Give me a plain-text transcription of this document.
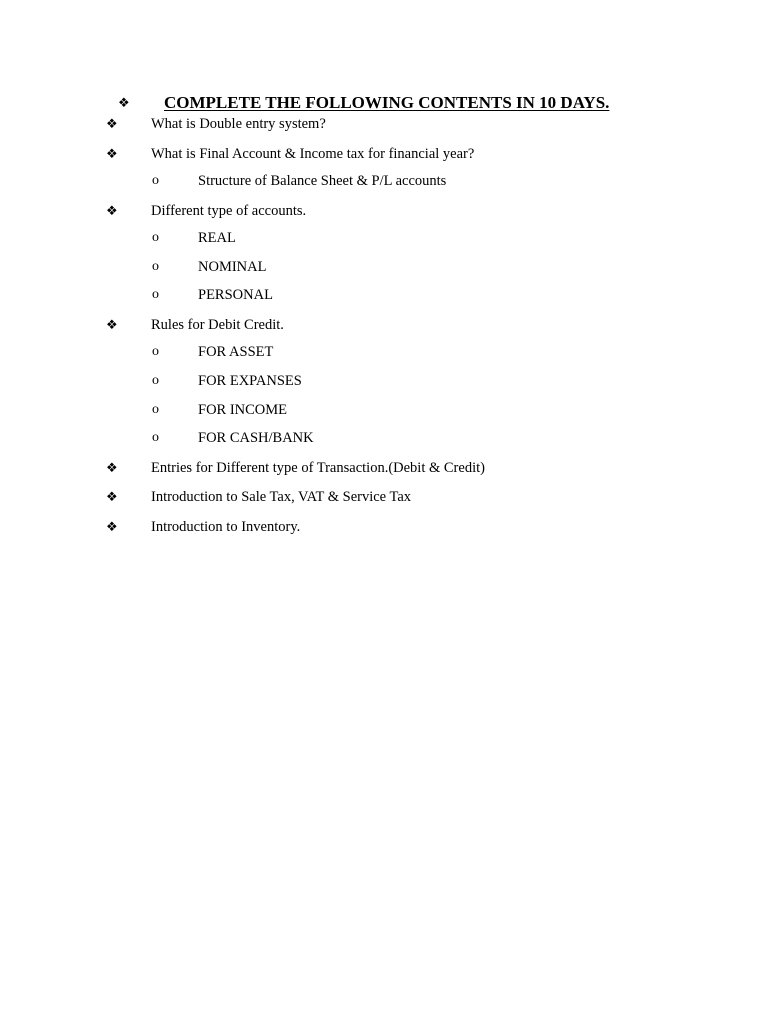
❖	COMPLETE THE FOLLOWING CONTENTS IN 10 DAYS.
❖	What is Double entry system?
❖	What is Final Account & Income tax for financial year?
o	Structure of Balance Sheet & P/L accounts
❖	Different type of accounts.
o	REAL
o	NOMINAL
o	PERSONAL
❖	Rules for Debit Credit.
o	FOR ASSET
o	FOR EXPANSES
o	FOR INCOME
o	FOR CASH/BANK
❖	Entries for Different type of Transaction.(Debit & Credit)
❖	Introduction to Sale Tax, VAT & Service Tax
❖	Introduction to Inventory.
